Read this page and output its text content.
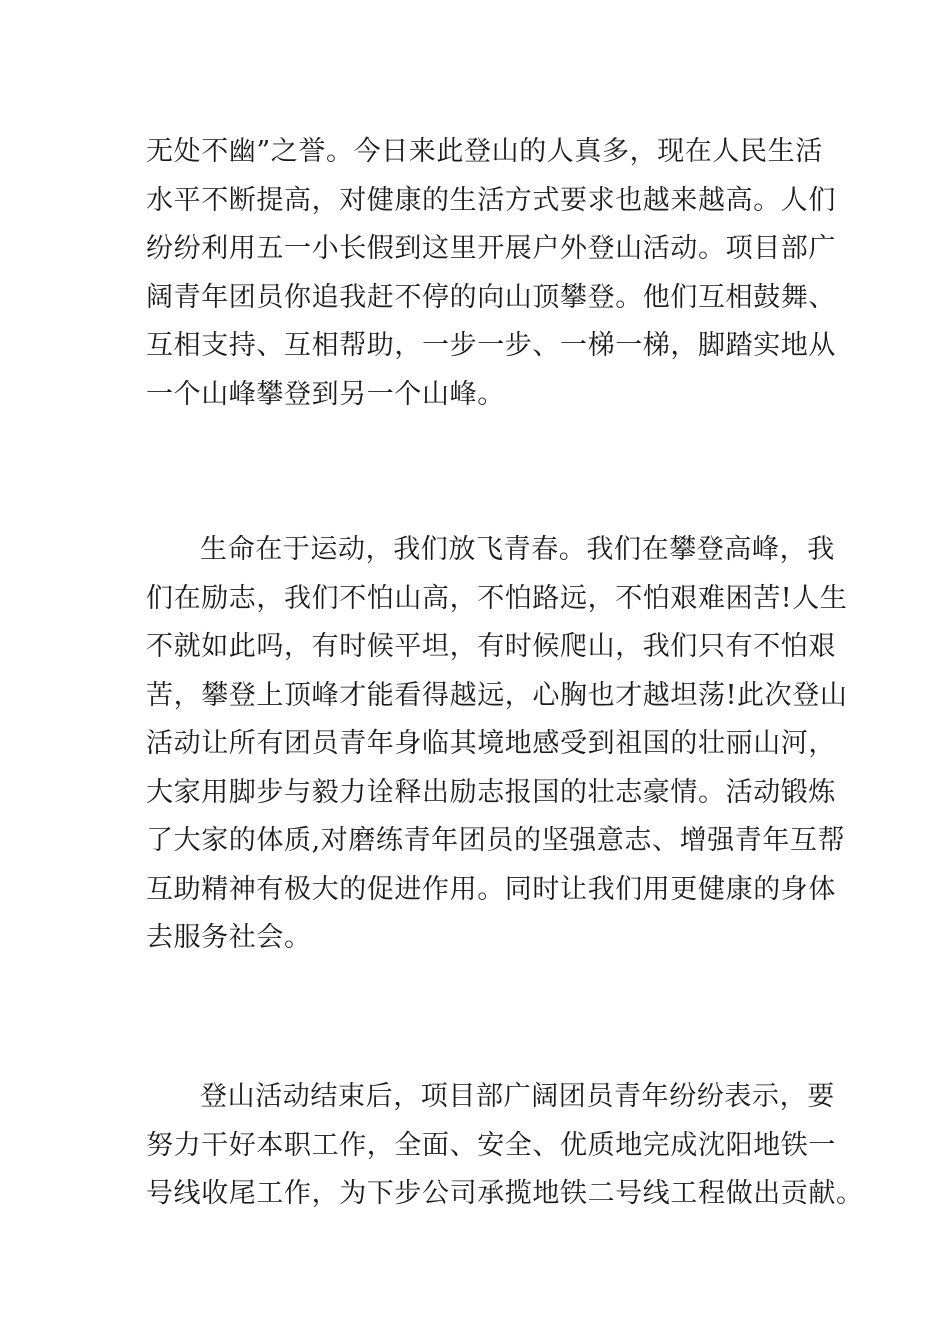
无处不幽”之誉。今日来此登山的人真多，现在人民生活
水平不断提高，对健康的生活方式要求也越来越高。人们
纷纷利用五一小长假到这里开展户外登山活动。项目部广
阔青年团员你追我赶不停的向山顶攀登。他们互相鼓舞、
互相支持、互相帮助，一步一步、一梯一梯，脚踏实地从
一个山峰攀登到另一个山峰。
生命在于运动，我们放飞青春。我们在攀登高峰，我
们在励志，我们不怕山高，不怕路远，不怕艰难困苦!人生
不就如此吗，有时候平坦，有时候爬山，我们只有不怕艰
苦，攀登上顶峰才能看得越远，心胸也才越坦荡!此次登山
活动让所有团员青年身临其境地感受到祖国的壮丽山河，
大家用脚步与毅力诠释出励志报国的壮志豪情。活动锻炼
了大家的体质,对磨练青年团员的坚强意志、增强青年互帮
互助精神有极大的促进作用。同时让我们用更健康的身体
去服务社会。
登山活动结束后，项目部广阔团员青年纷纷表示，要
努力干好本职工作，全面、安全、优质地完成沈阳地铁一
号线收尾工作，为下步公司承揽地铁二号线工程做出贡献。
